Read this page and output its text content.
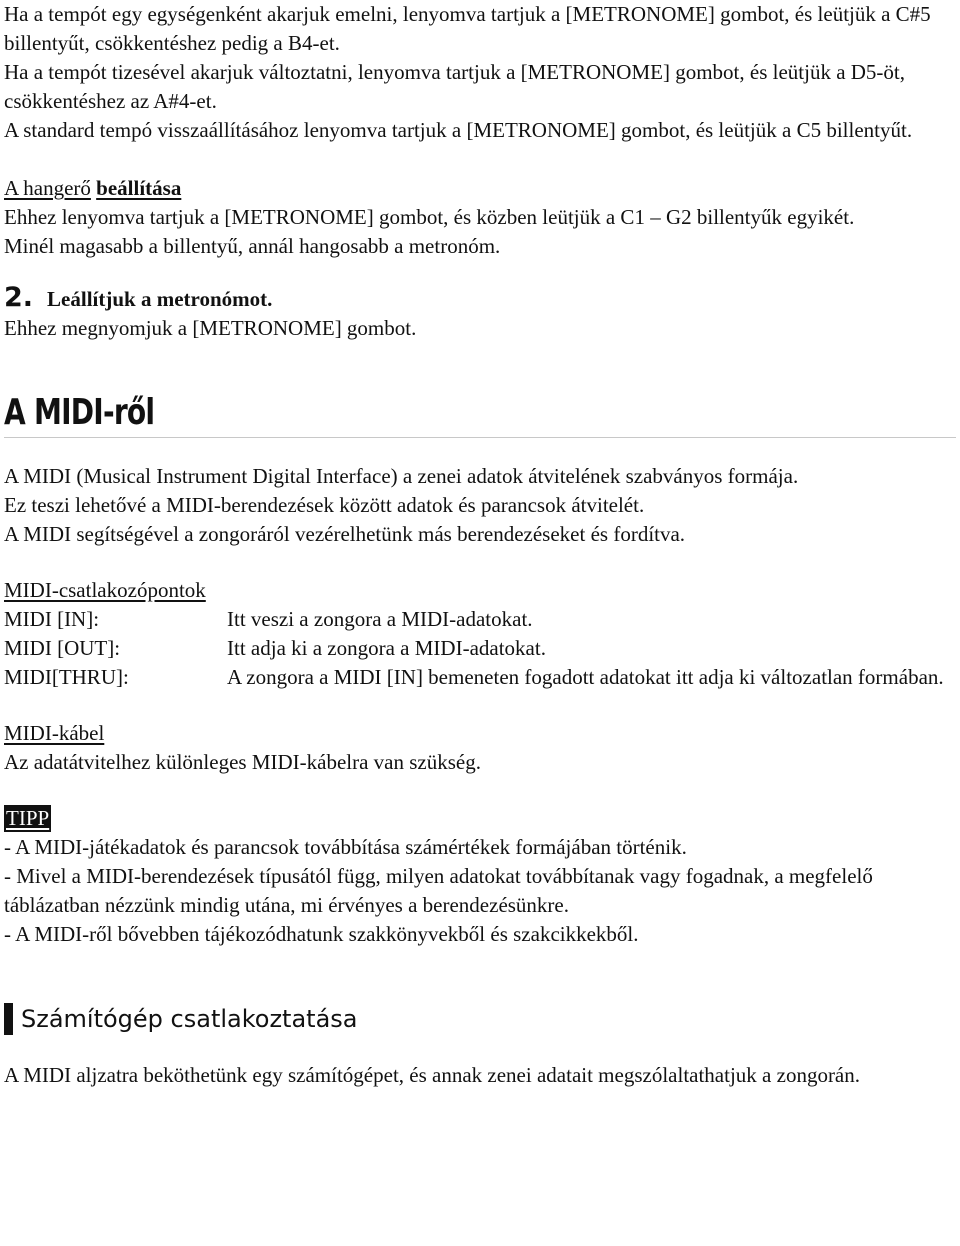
Ha a tempót egy egységenként akarjuk emelni, lenyomva tartjuk a [METRONOME] gombot, és leütjük a C#5 billentyűt, csökkentéshez pedig a B4-et.

Ha a tempót tizesével akarjuk változtatni, lenyomva tartjuk a [METRONOME] gombot, és leütjük a D5-öt, csökkentéshez az A#4-et.

A standard tempó visszaállításához lenyomva tartjuk a [METRONOME] gombot, és leütjük a C5 billentyűt.

A hangerő beállítása

Ehhez lenyomva tartjuk a [METRONOME] gombot, és közben leütjük a C1 – G2 billentyűk egyikét.

Minél magasabb a billentyű, annál hangosabb a metronóm.

2. Leállítjuk a metronómot.

Ehhez megnyomjuk a [METRONOME] gombot.

A MIDI-ről

A MIDI (Musical Instrument Digital Interface) a zenei adatok átvitelének szabványos formája.

Ez teszi lehetővé a MIDI-berendezések között adatok és parancsok átvitelét.

A MIDI segítségével a zongoráról vezérelhetünk más berendezéseket és fordítva.

MIDI-csatlakozópontok

MIDI [IN]:	Itt veszi a zongora a MIDI-adatokat.
MIDI [OUT]:	Itt adja ki a zongora a MIDI-adatokat.
MIDI[THRU]:	A zongora a MIDI [IN] bemeneten fogadott adatokat itt adja ki változatlan formában.

MIDI-kábel

Az adatátvitelhez különleges MIDI-kábelra van szükség.

TIPP

- A MIDI-játékadatok és parancsok továbbítása számértékek formájában történik.

- Mivel a MIDI-berendezések típusától függ, milyen adatokat továbbítanak vagy fogadnak, a megfelelő táblázatban nézzünk mindig utána, mi érvényes a berendezésünkre.

- A MIDI-ről bővebben tájékozódhatunk szakkönyvekből és szakcikkekből.

Számítógép csatlakoztatása

A MIDI aljzatra beköthetünk egy számítógépet, és annak zenei adatait megszólaltathatjuk a zongorán.
